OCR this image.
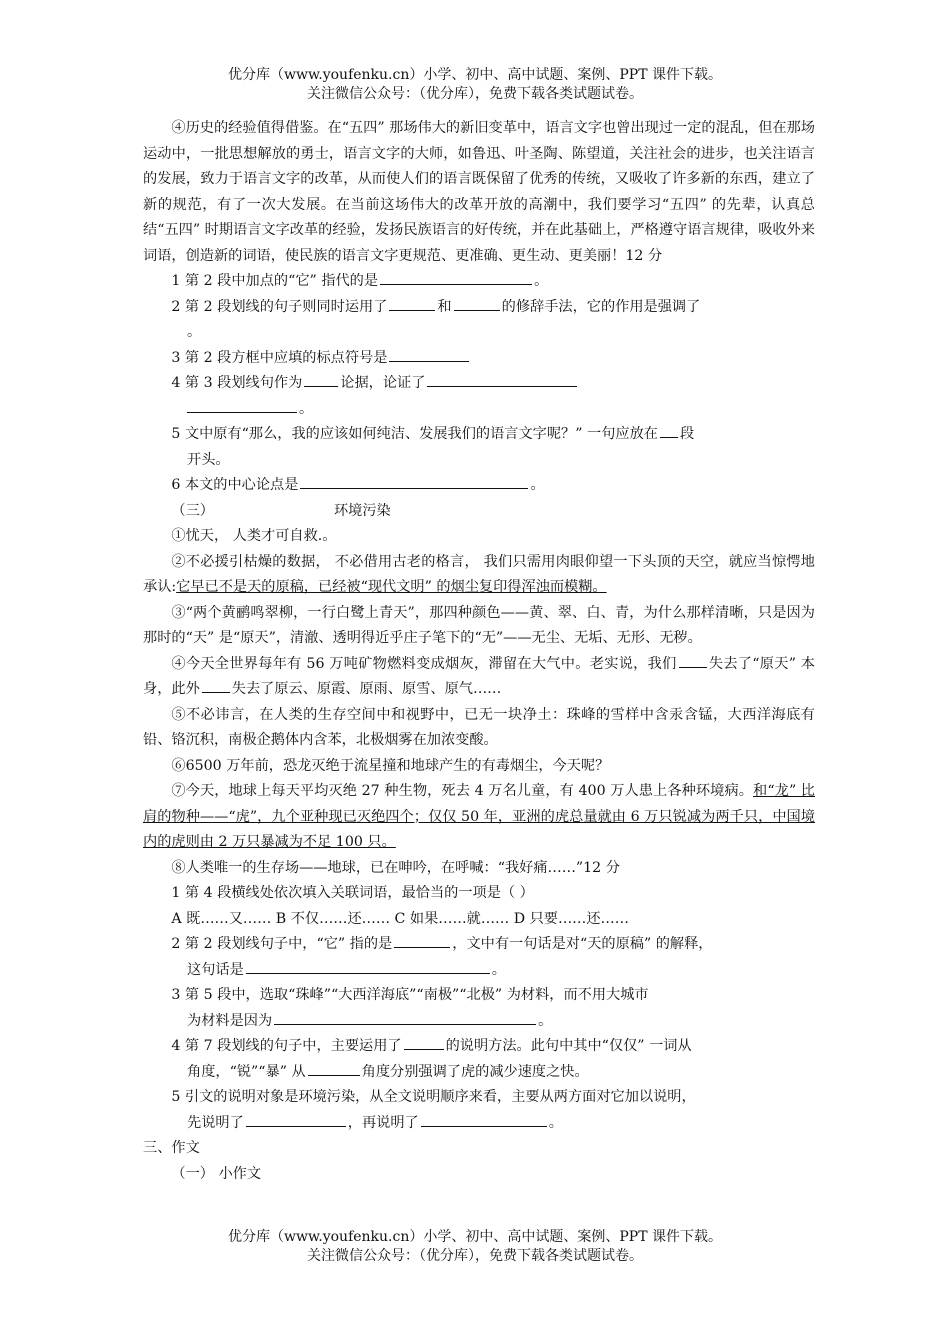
优分库（www.youfenku.cn）小学、初中、高中试题、案例、PPT 课件下载。
关注微信公众号：（优分库），免费下载各类试题试卷。

④历史的经验值得借鉴。在“五四” 那场伟大的新旧变革中，语言文字也曾出现过一定的混乱，但在那场运动中，一批思想解放的勇士，语言文字的大师，如鲁迅、叶圣陶、陈望道，关注社会的进步，也关注语言的发展，致力于语言文字的改革，从而使人们的语言既保留了优秀的传统，又吸收了许多新的东西，建立了新的规范，有了一次大发展。在当前这场伟大的改革开放的高潮中，我们要学习“五四” 的先辈，认真总结“五四” 时期语言文字改革的经验，发扬民族语言的好传统，并在此基础上，严格遵守语言规律，吸收外来词语，创造新的词语，使民族的语言文字更规范、更准确、更生动、更美丽！12 分

1 第 2 段中加点的“它” 指代的是	。

2 第 2 段划线的句子则同时运用了	和	的修辞手法，它的作用是强调了
。

3 第 2 段方框中应填的标点符号是

4 第 3 段划线句作为	论据，论证了
。

5 文中原有“那么，我的应该如何纯洁、发展我们的语言文字呢？” 一句应放在 段
开头。

6 本文的中心论点是	。

（三）	环境污染

①忧天， 人类才可自救.。

②不必援引枯燥的数据， 不必借用古老的格言， 我们只需用肉眼仰望一下头顶的天空，就应当惊愕地承认:它早已不是天的原稿，已经被“现代文明” 的烟尘复印得浑浊而模糊。

③“两个黄鹂鸣翠柳，一行白鹭上青天”，那四种颜色——黄、翠、白、青，为什么那样清晰，只是因为那时的“天” 是“原天”，清澈、透明得近乎庄子笔下的“无”——无尘、无垢、无形、无秽。

④今天全世界每年有 56 万吨矿物燃料变成烟灰，滞留在大气中。老实说，我们 失去了“原天” 本身，此外 失去了原云、原霞、原雨、原雪、原气……

⑤不必讳言，在人类的生存空间中和视野中，已无一块净土：珠峰的雪样中含汞含锰，大西洋海底有铅、铬沉积，南极企鹅体内含苯，北极烟雾在加浓变酸。

⑥6500 万年前，恐龙灭绝于流星撞和地球产生的有毒烟尘，今天呢？

⑦今天，地球上每天平均灭绝 27 种生物，死去 4 万名儿童，有 400 万人患上各种环境病。和“龙” 比肩的物种——“虎”，九个亚种现已灭绝四个；仅仅 50 年，亚洲的虎总量就由 6 万只锐减为两千只，中国境内的虎则由 2 万只暴减为不足 100 只。

⑧人类唯一的生存场——地球，已在呻吟，在呼喊：“我好痛……”12 分

1 第 4 段横线处依次填入关联词语，最恰当的一项是（ ）

A 既……又…… B 不仅……还…… C 如果……就…… D 只要……还……

2 第 2 段划线句子中，“它” 指的是	，文中有一句话是对“天的原稿” 的解释，
这句话是	。

3 第 5 段中，选取“珠峰”“大西洋海底”“南极”“北极” 为材料，而不用大城市
为材料是因为	。

4 第 7 段划线的句子中，主要运用了	的说明方法。此句中其中“仅仅” 一词从
角度，“锐”“暴” 从	角度分别强调了虎的减少速度之快。

5 引文的说明对象是环境污染，从全文说明顺序来看，主要从两方面对它加以说明，
先说明了	，再说明了	。

三、作文

（一） 小作文

优分库（www.youfenku.cn）小学、初中、高中试题、案例、PPT 课件下载。
关注微信公众号：（优分库），免费下载各类试题试卷。
